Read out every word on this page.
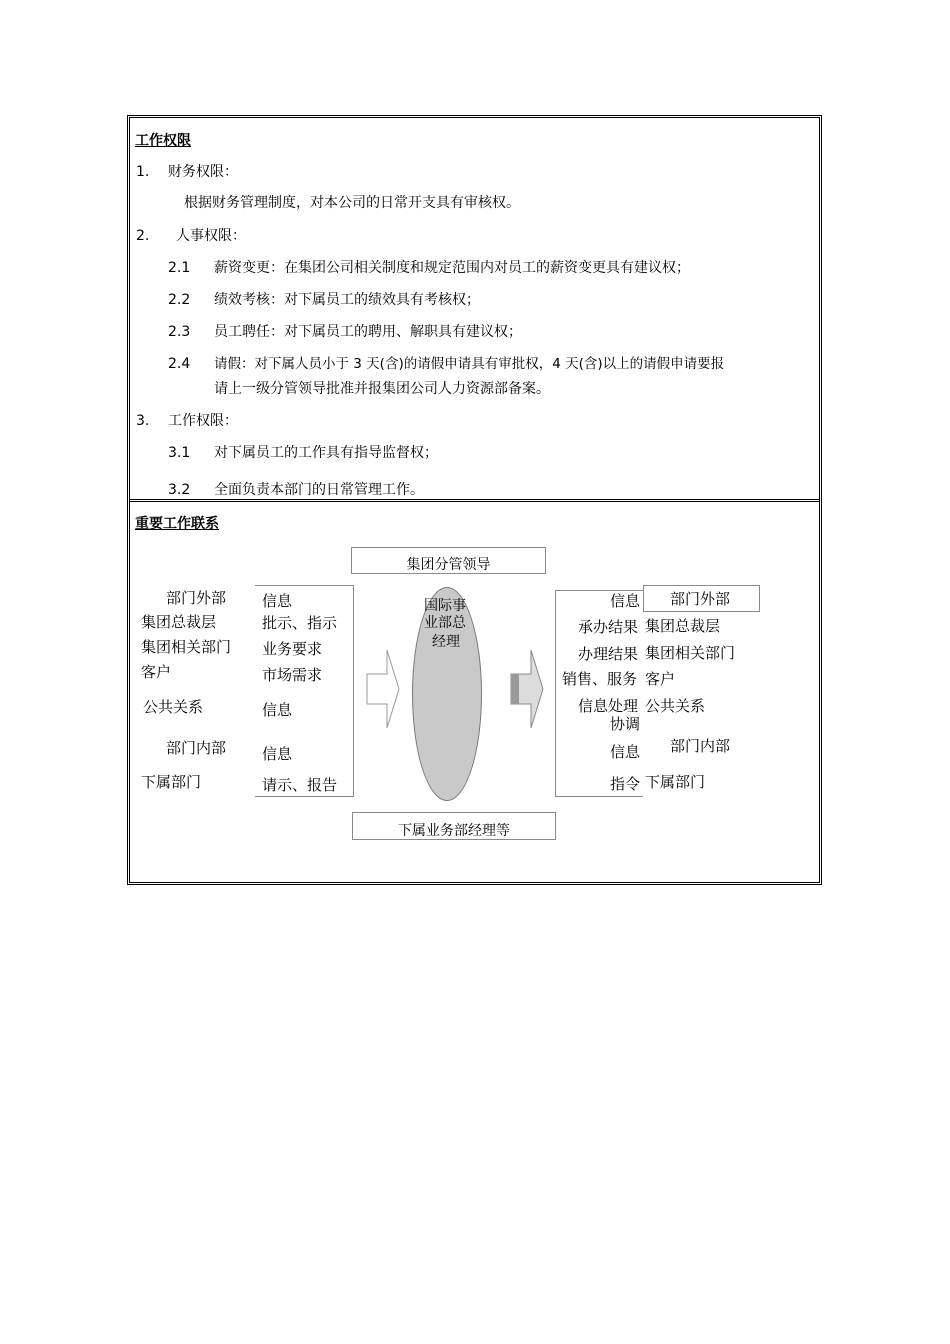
工作权限
1. 财务权限：
根据财务管理制度，对本公司的日常开支具有审核权。
2. 人事权限：
2.1 薪资变更：在集团公司相关制度和规定范围内对员工的薪资变更具有建议权；
2.2 绩效考核：对下属员工的绩效具有考核权；
2.3 员工聘任：对下属员工的聘用、解职具有建议权；
2.4 请假：对下属人员小于 3 天(含)的请假申请具有审批权，4 天(含)以上的请假申请要报
请上一级分管领导批准并报集团公司人力资源部备案。
3. 工作权限：
3.1 对下属员工的工作具有指导监督权；
3.2 全面负责本部门的日常管理工作。
重要工作联系
集团分管领导
下属业务部经理等
国际事
业部总
经理
部门外部
集团总裁层
集团相关部门
客户
公共关系
部门内部
下属部门
信息
批示、指示
业务要求
市场需求
信息
信息
请示、报告
信息
承办结果
办理结果
销售、服务
信息处理
协调
信息
指令
部门外部
集团总裁层
集团相关部门
客户
公共关系
部门内部
下属部门
